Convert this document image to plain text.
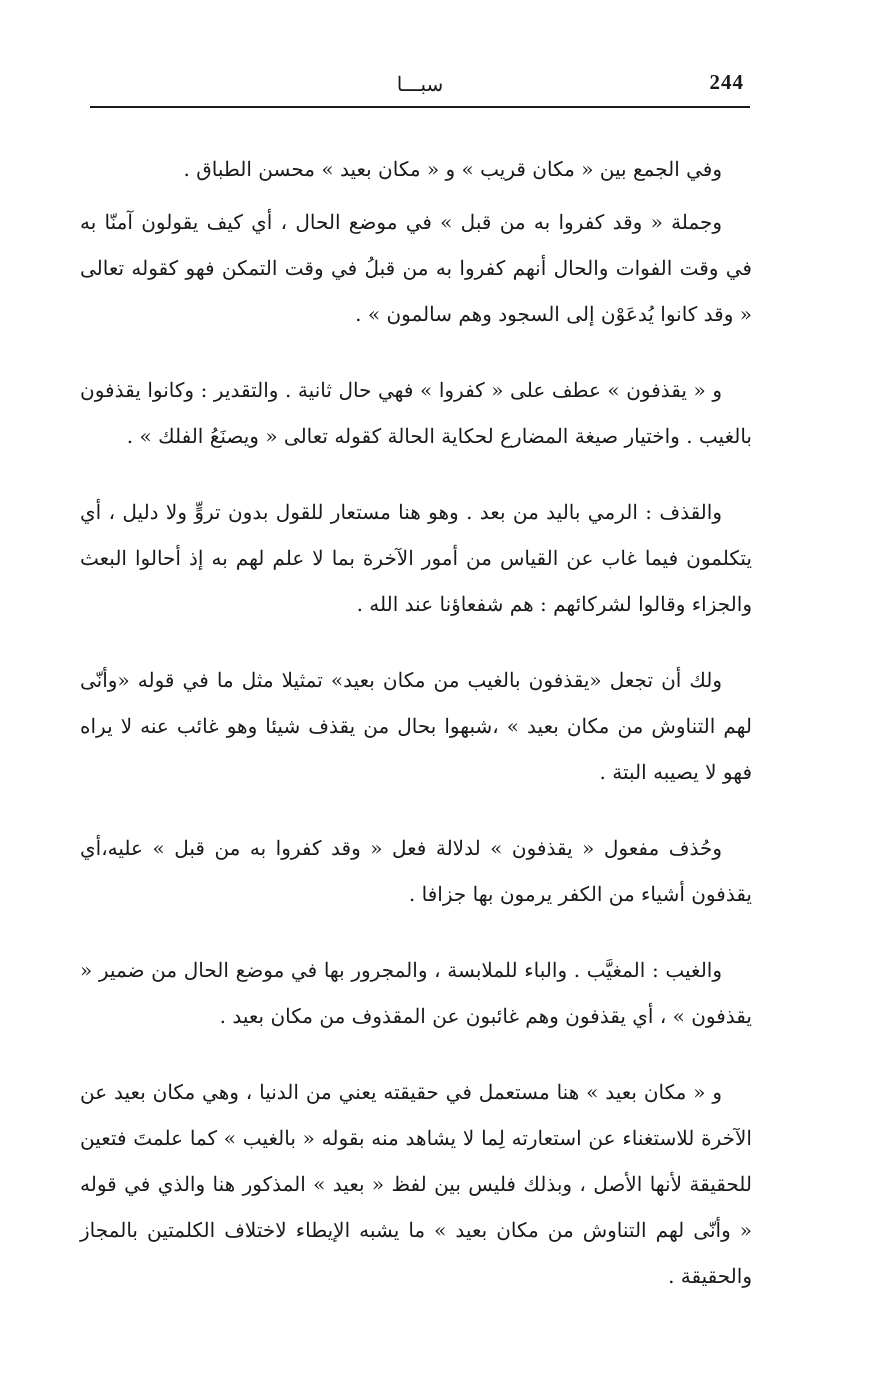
سبـــا	244

وفي الجمع بين « مكان قريب » و « مكان بعيد » محسن الطباق .

وجملة « وقد كفروا به من قبل » في موضع الحال ، أي كيف يقولون آمنّا به في وقت الفوات والحال أنهم كفروا به من قبلُ في وقت التمكن فهو كقوله تعالى « وقد كانوا يُدعَوْن إلى السجود وهم سالمون » .

و « يقذفون » عطف على « كفروا » فهي حال ثانية . والتقدير : وكانوا يقذفون بالغيب . واختيار صيغة المضارع لحكاية الحالة كقوله تعالى « ويصنَعُ الفلك » .

والقذف : الرمي باليد من بعد . وهو هنا مستعار للقول بدون تروٍّ ولا دليل ، أي يتكلمون فيما غاب عن القياس من أمور الآخرة بما لا علم لهم به إذ أحالوا البعث والجزاء وقالوا لشركائهم : هم شفعاؤنا عند الله .

ولك أن تجعل «يقذفون بالغيب من مكان بعيد» تمثيلا مثل ما في قوله «وأنّى لهم التناوش من مكان بعيد » ،شبهوا بحال من يقذف شيئا وهو غائب عنه لا يراه فهو لا يصيبه البتة .

وحُذف مفعول « يقذفون » لدلالة فعل « وقد كفروا به من قبل » عليه،أي يقذفون أشياء من الكفر يرمون بها جزافا .

والغيب : المغيَّب . والباء للملابسة ، والمجرور بها في موضع الحال من ضمير « يقذفون » ، أي يقذفون وهم غائبون عن المقذوف من مكان بعيد .

و « مكان بعيد » هنا مستعمل في حقيقته يعني من الدنيا ، وهي مكان بعيد عن الآخرة للاستغناء عن استعارته لِما لا يشاهد منه بقوله « بالغيب » كما علمتَ فتعين للحقيقة لأنها الأصل ، وبذلك فليس بين لفظ « بعيد » المذكور هنا والذي في قوله « وأنّى لهم التناوش من مكان بعيد » ما يشبه الإيطاء لاختلاف الكلمتين بالمجاز والحقيقة .
